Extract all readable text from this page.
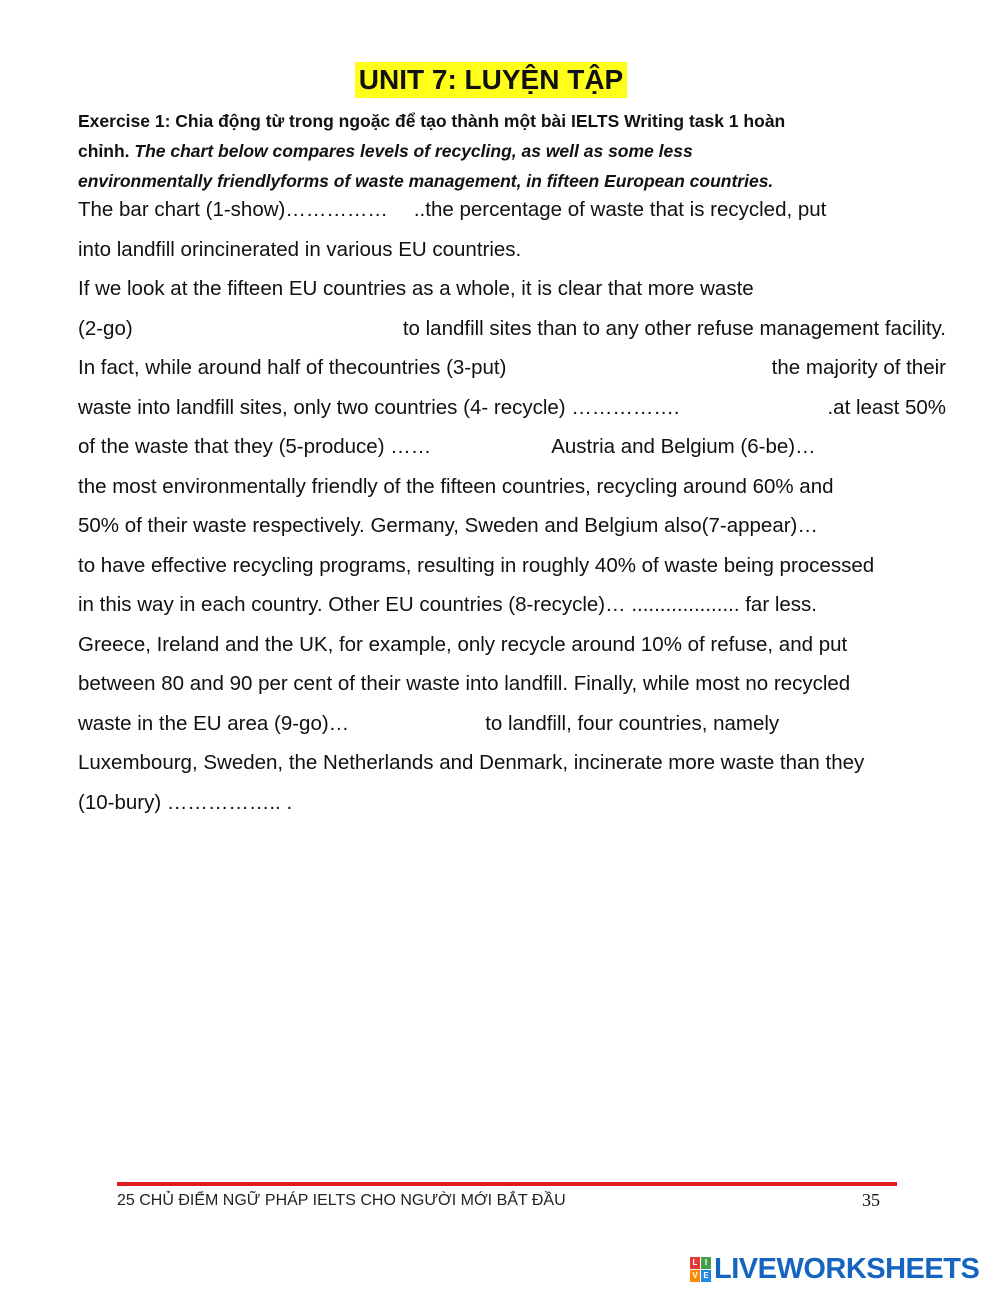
UNIT 7: LUYỆN TẬP
Exercise 1: Chia động từ trong ngoặc để tạo thành một bài IELTS Writing task 1 hoàn
chỉnh. The chart below compares levels of recycling, as well as some less
environmentally friendlyforms of waste management, in fifteen European countries.
The bar chart (1-show)…………… ..the percentage of waste that is recycled, put
into landfill orincinerated in various EU countries.
If we look at the fifteen EU countries as a whole, it is clear that more waste
(2-go)	to landfill sites than to any other refuse management facility.
In fact, while around half of thecountries (3-put)	the majority of their
waste into landfill sites, only two countries (4- recycle) …………….	.at least 50%
of the waste that they (5-produce) ……	Austria and Belgium (6-be)…
the most environmentally friendly of the fifteen countries, recycling around 60% and
50% of their waste respectively. Germany, Sweden and Belgium also(7-appear)…
to have effective recycling programs, resulting in roughly 40% of waste being processed
in this way in each country. Other EU countries (8-recycle)… ................... far less.
Greece, Ireland and the UK, for example, only recycle around 10% of refuse, and put
between 80 and 90 per cent of their waste into landfill. Finally, while most no recycled
waste in the EU area (9-go)…	to landfill, four countries, namely
Luxembourg, Sweden, the Netherlands and Denmark, incinerate more waste than they
(10-bury) …………….. .
25 CHỦ ĐIỂM NGỮ PHÁP IELTS CHO NGƯỜI MỚI BẮT ĐẦU	35
L I
V E LIVEWORKSHEETS
